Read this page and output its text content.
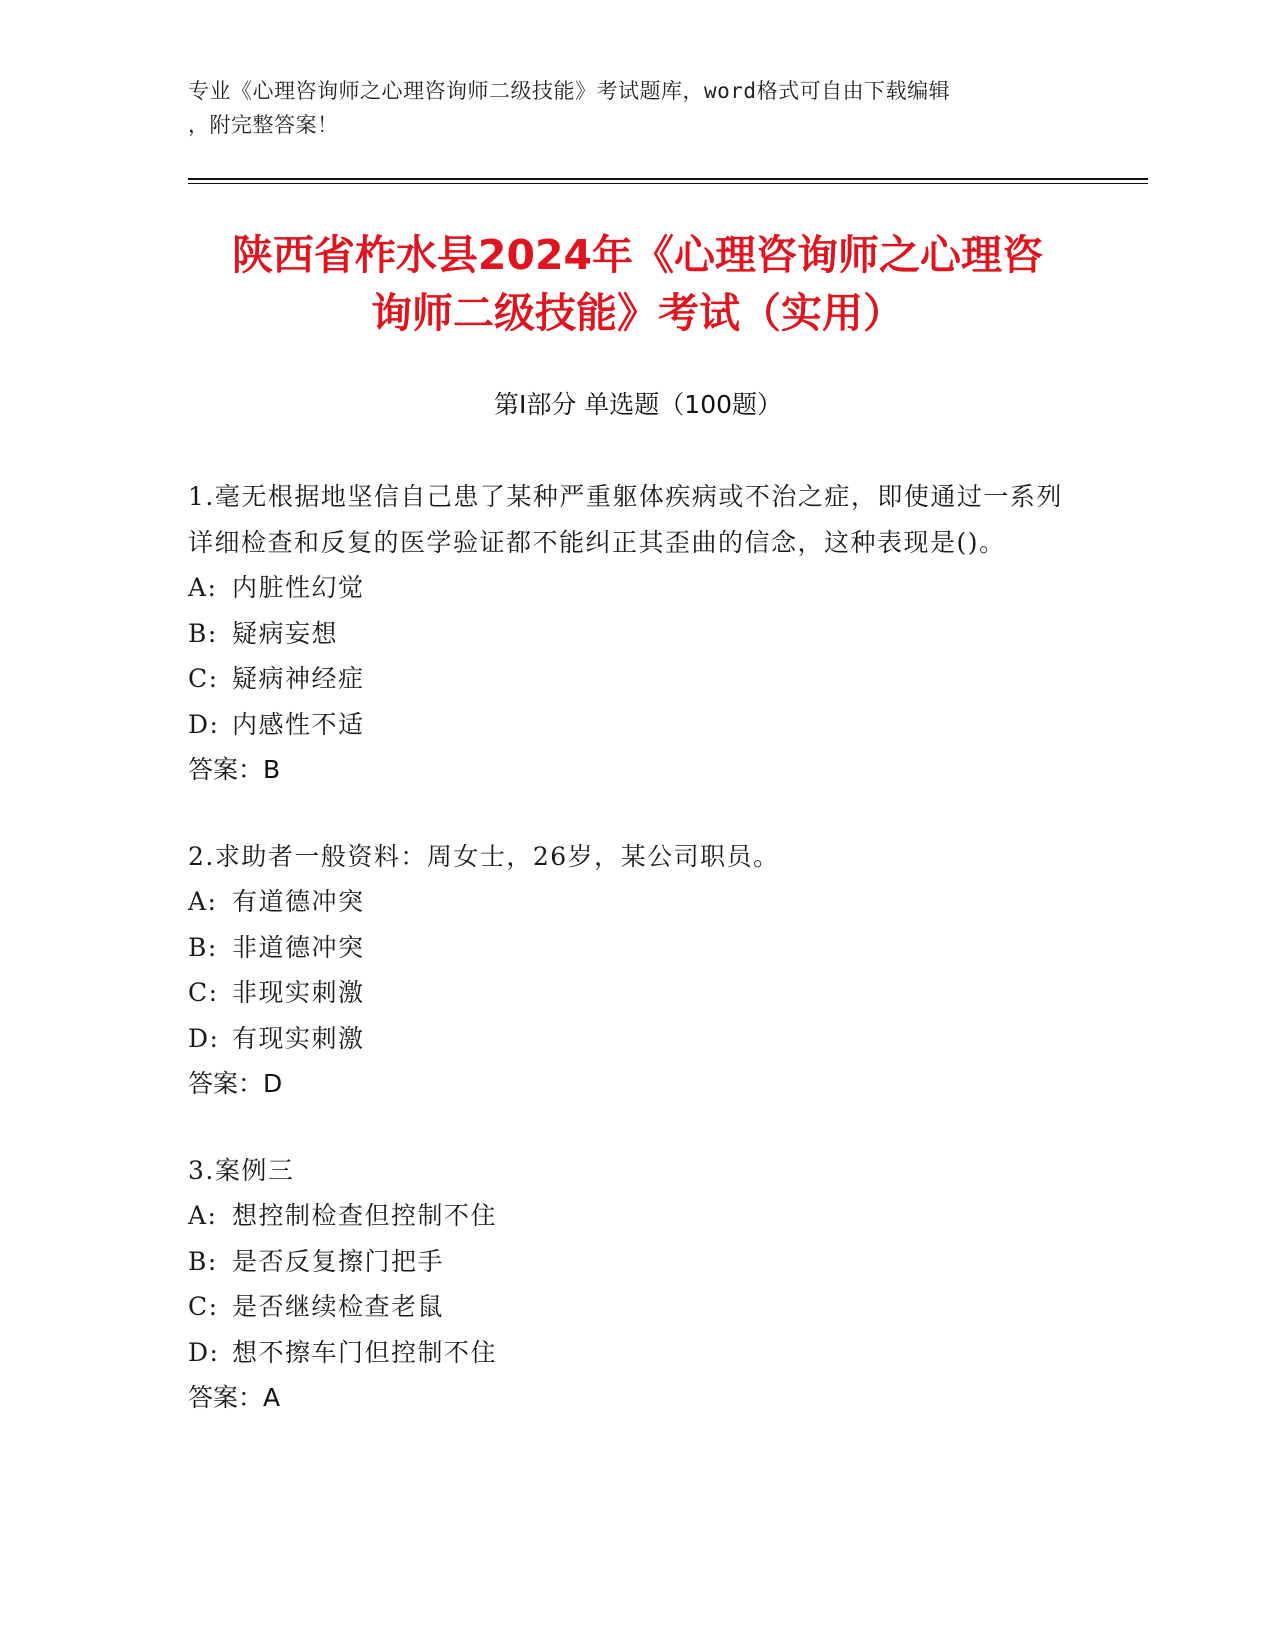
专业《心理咨询师之心理咨询师二级技能》考试题库，word格式可自由下载编辑
，附完整答案！
陕西省柞水县2024年《心理咨询师之心理咨
询师二级技能》考试（实用）
第Ⅰ部分 单选题（100题）
1.毫无根据地坚信自己患了某种严重躯体疾病或不治之症，即使通过一系列详细检查和反复的医学验证都不能纠正其歪曲的信念，这种表现是()。
A: 内脏性幻觉
B: 疑病妄想
C: 疑病神经症
D: 内感性不适
答案：B
2.求助者一般资料：周女士，26岁，某公司职员。
A: 有道德冲突
B: 非道德冲突
C: 非现实刺激
D: 有现实刺激
答案：D
3.案例三
A: 想控制检查但控制不住
B: 是否反复擦门把手
C: 是否继续检查老鼠
D: 想不擦车门但控制不住
答案：A
